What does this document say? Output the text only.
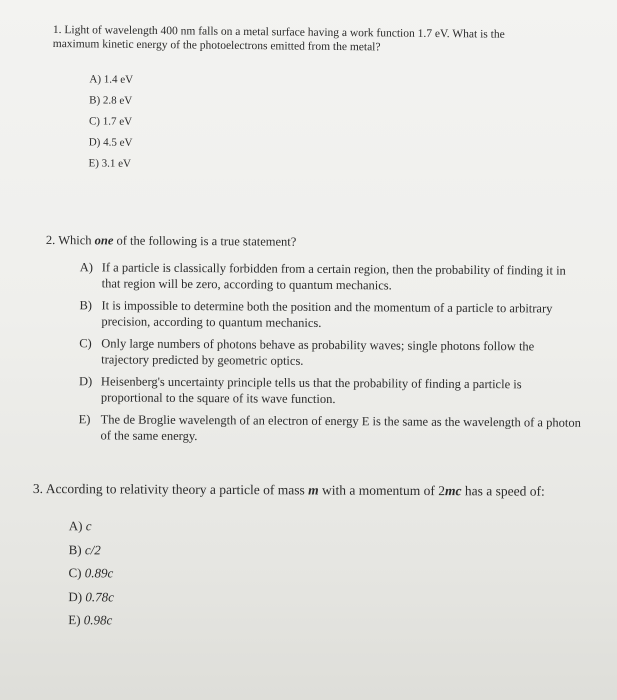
1. Light of wavelength 400 nm falls on a metal surface having a work function 1.7 eV. What is the maximum kinetic energy of the photoelectrons emitted from the metal?
A) 1.4 eV
B) 2.8 eV
C) 1.7 eV
D) 4.5 eV
E) 3.1 eV
2. Which one of the following is a true statement?
A) If a particle is classically forbidden from a certain region, then the probability of finding it in that region will be zero, according to quantum mechanics.
B) It is impossible to determine both the position and the momentum of a particle to arbitrary precision, according to quantum mechanics.
C) Only large numbers of photons behave as probability waves; single photons follow the trajectory predicted by geometric optics.
D) Heisenberg's uncertainty principle tells us that the probability of finding a particle is proportional to the square of its wave function.
E) The de Broglie wavelength of an electron of energy E is the same as the wavelength of a photon of the same energy.
3. According to relativity theory a particle of mass m with a momentum of 2mc has a speed of:
A) c
B) c/2
C) 0.89c
D) 0.78c
E) 0.98c
